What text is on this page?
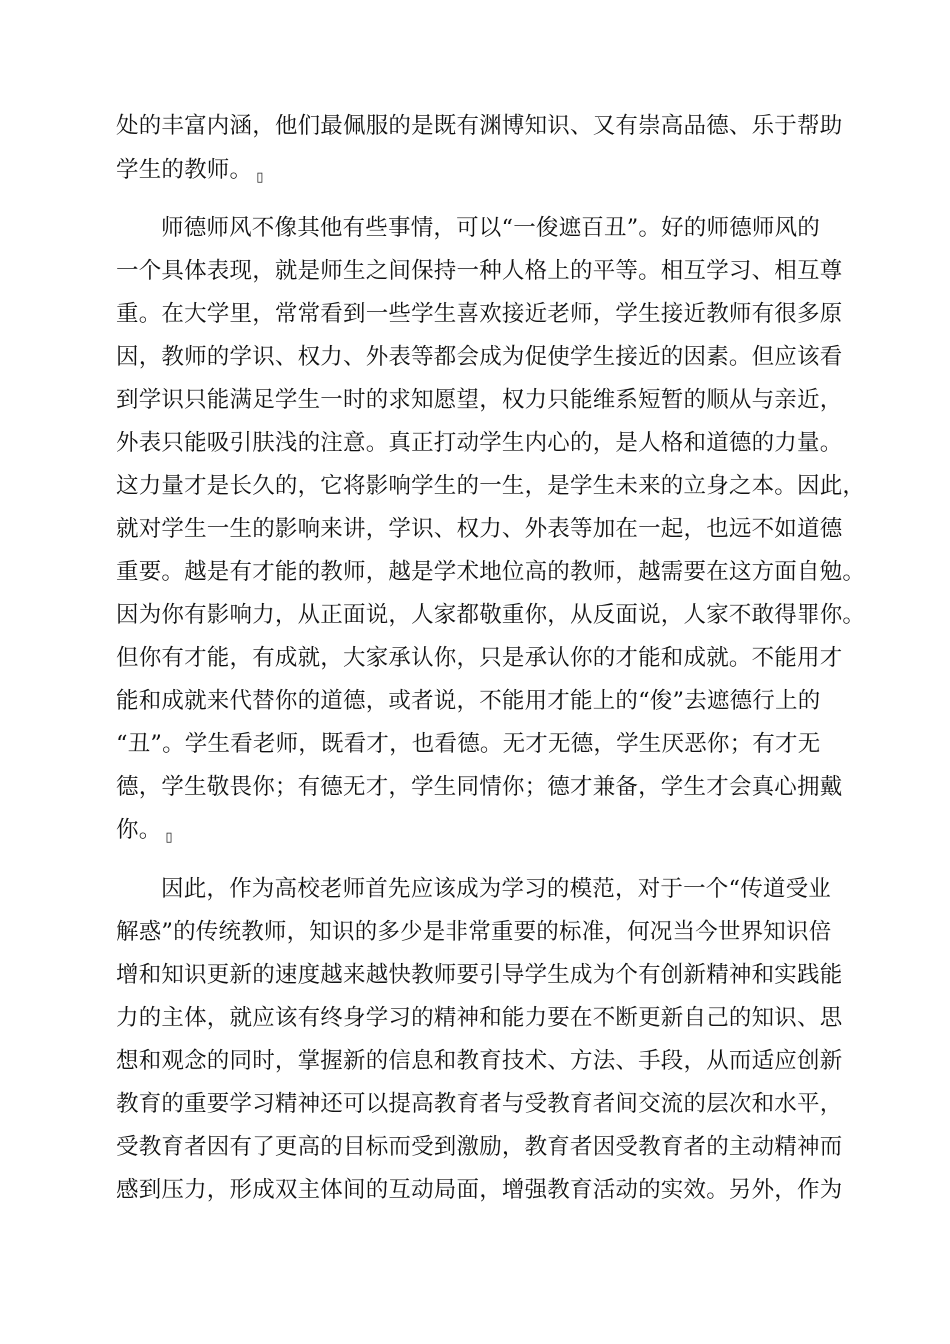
处的丰富内涵，他们最佩服的是既有渊博知识、又有崇高品德、乐于帮助
学生的教师。 ▯
师德师风不像其他有些事情，可以“一俊遮百丑”。好的师德师风的
一个具体表现，就是师生之间保持一种人格上的平等。相互学习、相互尊
重。在大学里，常常看到一些学生喜欢接近老师，学生接近教师有很多原
因，教师的学识、权力、外表等都会成为促使学生接近的因素。但应该看
到学识只能满足学生一时的求知愿望，权力只能维系短暂的顺从与亲近，
外表只能吸引肤浅的注意。真正打动学生内心的，是人格和道德的力量。
这力量才是长久的，它将影响学生的一生，是学生未来的立身之本。因此，
就对学生一生的影响来讲，学识、权力、外表等加在一起，也远不如道德
重要。越是有才能的教师，越是学术地位高的教师，越需要在这方面自勉。
因为你有影响力，从正面说，人家都敬重你，从反面说，人家不敢得罪你。
但你有才能，有成就，大家承认你，只是承认你的才能和成就。不能用才
能和成就来代替你的道德，或者说，不能用才能上的“俊”去遮德行上的
“丑”。学生看老师，既看才，也看德。无才无德，学生厌恶你；有才无
德，学生敬畏你；有德无才，学生同情你；德才兼备，学生才会真心拥戴
你。 ▯
因此，作为高校老师首先应该成为学习的模范，对于一个“传道受业
解惑”的传统教师，知识的多少是非常重要的标准，何况当今世界知识倍
增和知识更新的速度越来越快教师要引导学生成为个有创新精神和实践能
力的主体，就应该有终身学习的精神和能力要在不断更新自己的知识、思
想和观念的同时，掌握新的信息和教育技术、方法、手段，从而适应创新
教育的重要学习精神还可以提高教育者与受教育者间交流的层次和水平，
受教育者因有了更高的目标而受到激励，教育者因受教育者的主动精神而
感到压力，形成双主体间的互动局面，增强教育活动的实效。另外，作为
